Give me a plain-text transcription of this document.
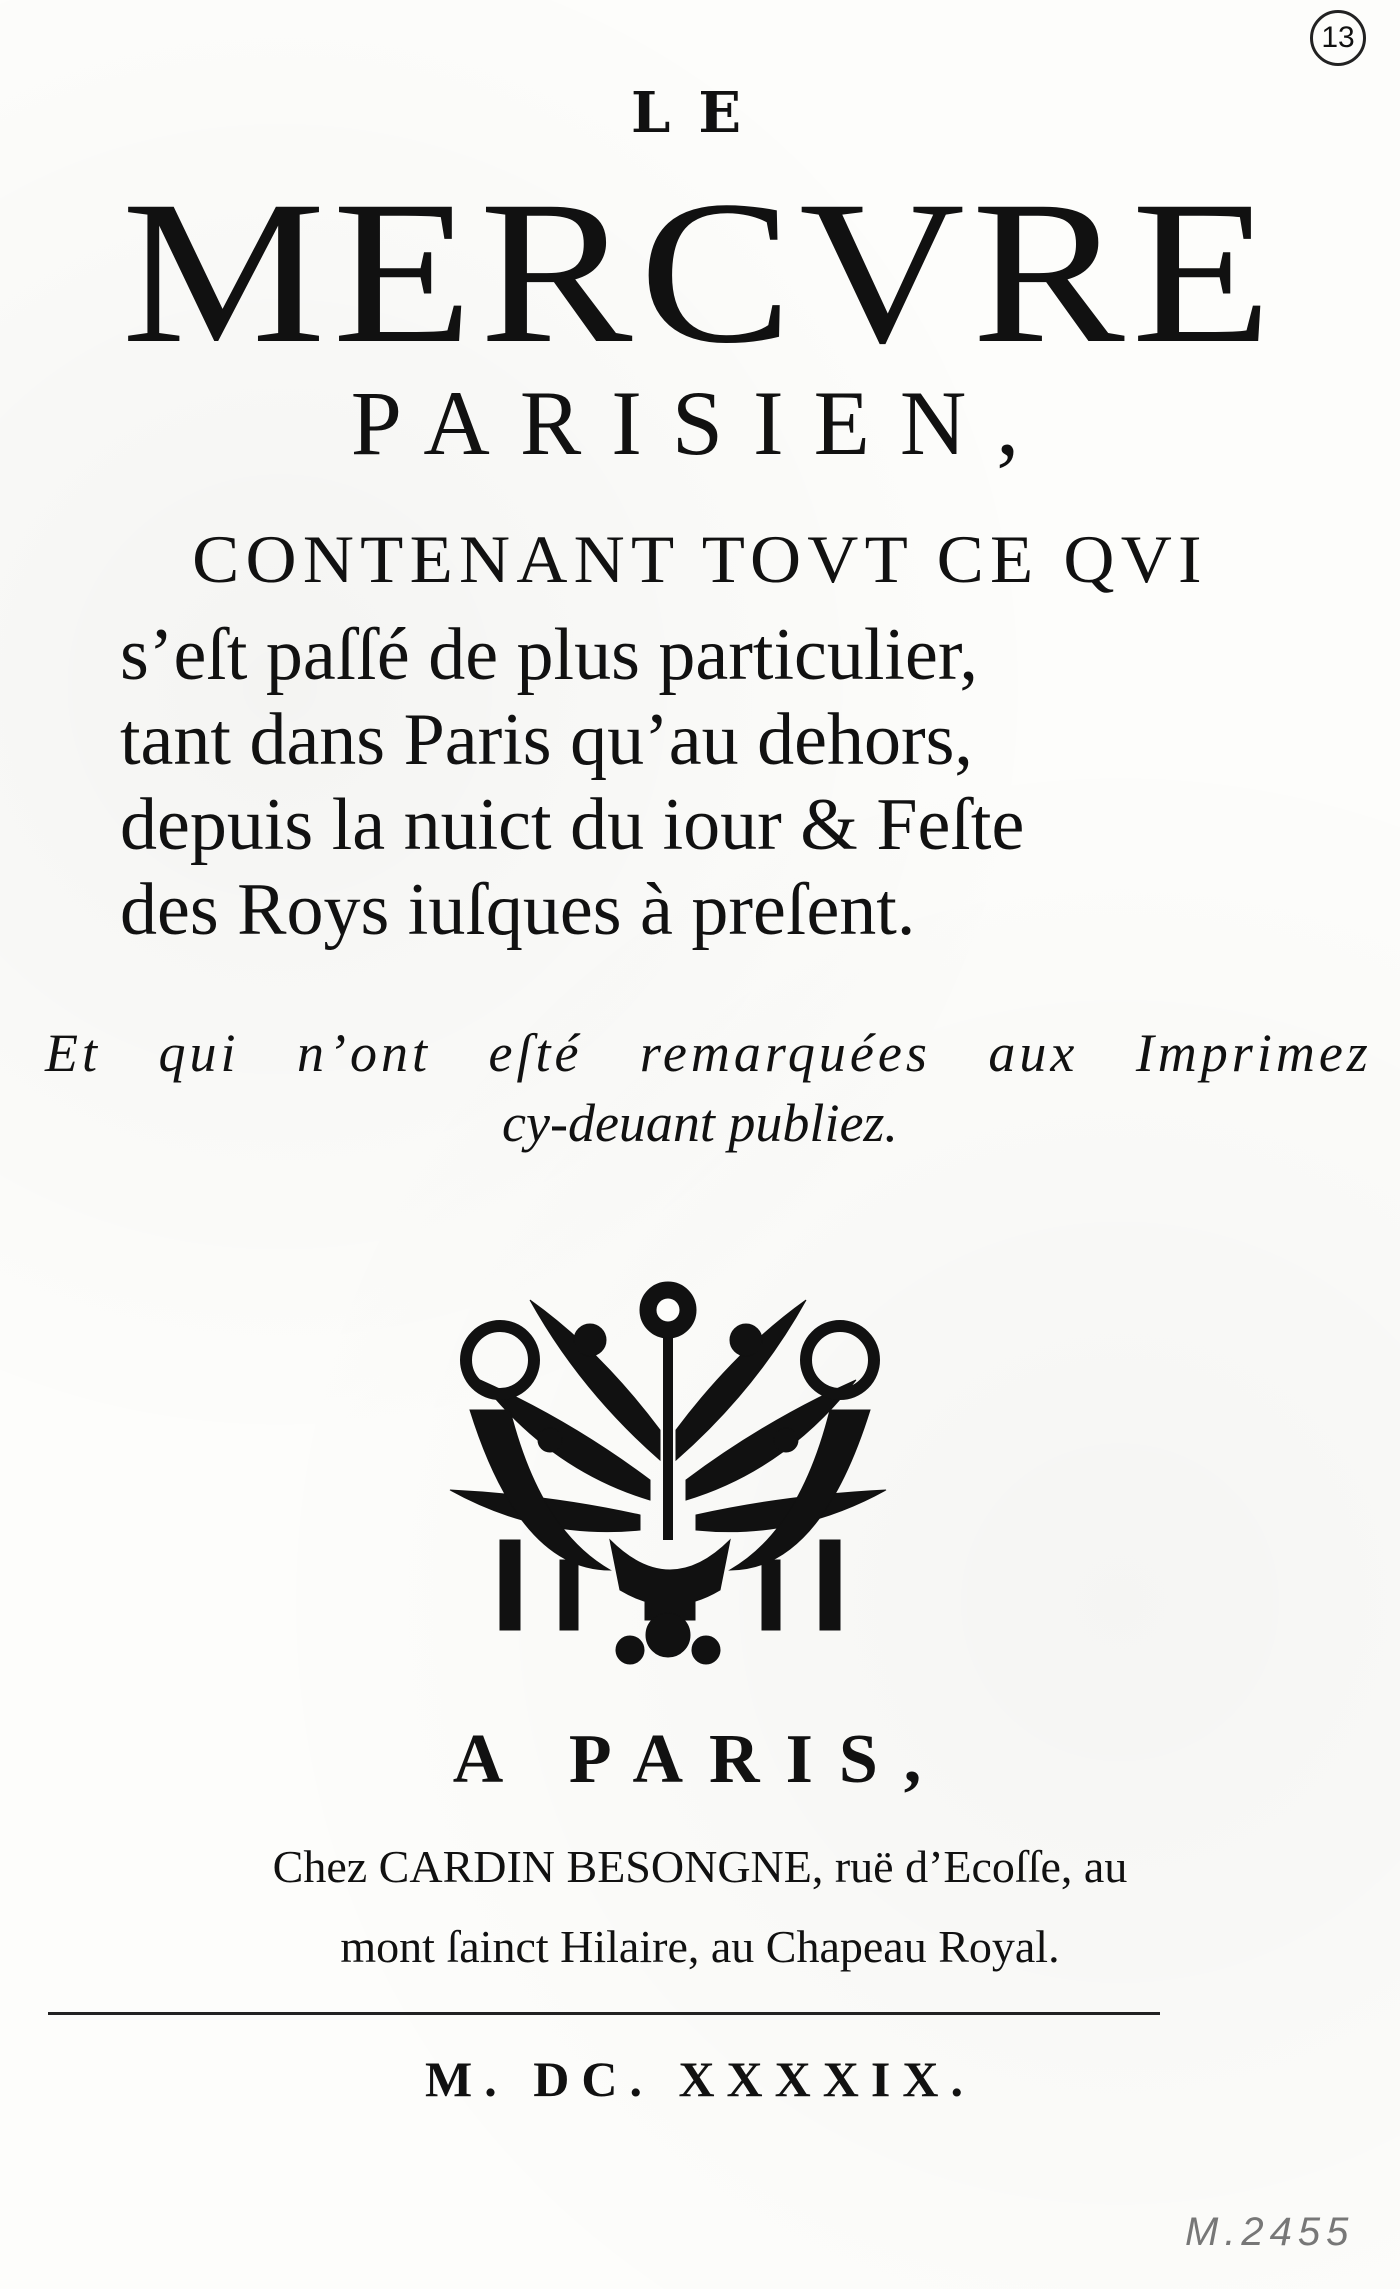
13
LE
MERCVRE
PARISIEN,
CONTENANT TOVT CE QVI
s’eſt paſſé de plus particulier,
tant dans Paris qu’au dehors,
depuis la nuict du iour & Feſte
des Roys iuſques à preſent.
Et qui n’ont eſté remarquées aux Imprimez
cy-deuant publiez.
A PARIS,
Chez CARDIN BESONGNE, ruë d’Ecoſſe, au
mont ſainct Hilaire, au Chapeau Royal.
M. DC. XXXXIX.
M.2455
